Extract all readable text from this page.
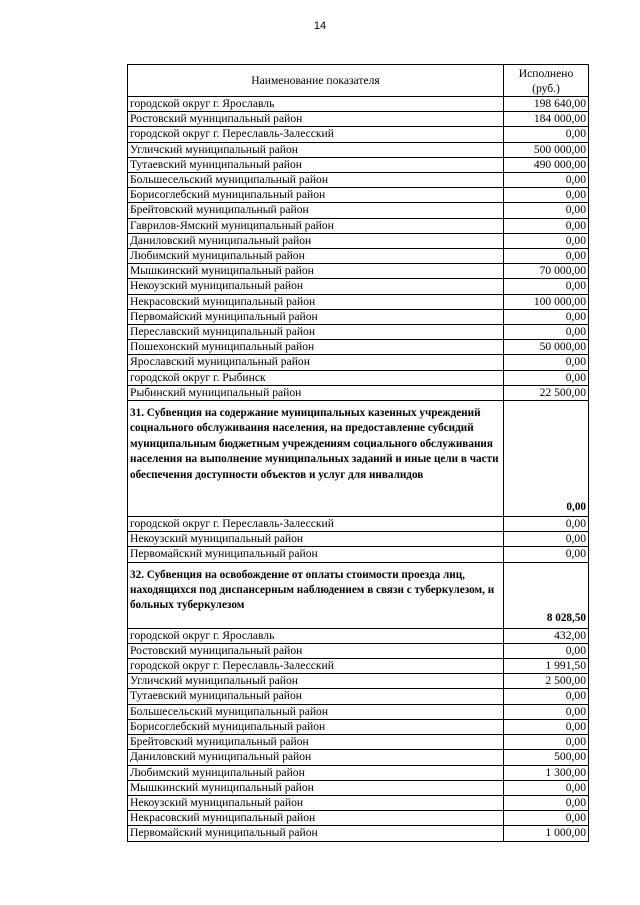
14
Наименование показателя	Исполнено (руб.)
городской округ г. Ярославль	198 640,00
Ростовский муниципальный район	184 000,00
городской округ г. Переславль-Залесский	0,00
Угличский муниципальный район	500 000,00
Тутаевский муниципальный район	490 000,00
Большесельский муниципальный район	0,00
Борисоглебский муниципальный район	0,00
Брейтовский муниципальный район	0,00
Гаврилов-Ямский муниципальный район	0,00
Даниловский муниципальный район	0,00
Любимский муниципальный район	0,00
Мышкинский муниципальный район	70 000,00
Некоузский муниципальный район	0,00
Некрасовский муниципальный район	100 000,00
Первомайский муниципальный район	0,00
Переславский муниципальный район	0,00
Пошехонский муниципальный район	50 000,00
Ярославский муниципальный район	0,00
городской округ г. Рыбинск	0,00
Рыбинский муниципальный район	22 500,00
31. Субвенция на содержание муниципальных казенных учреждений социального обслуживания населения, на предоставление субсидий муниципальным бюджетным учреждениям социального обслуживания населения на выполнение муниципальных заданий и иные цели в части обеспечения доступности объектов и услуг для инвалидов	0,00
городской округ г. Переславль-Залесский	0,00
Некоузский муниципальный район	0,00
Первомайский муниципальный район	0,00
32. Субвенция на освобождение от оплаты стоимости проезда лиц, находящихся под диспансерным наблюдением в связи с туберкулезом, и больных туберкулезом	8 028,50
городской округ г. Ярославль	432,00
Ростовский муниципальный район	0,00
городской округ г. Переславль-Залесский	1 991,50
Угличский муниципальный район	2 500,00
Тутаевский муниципальный район	0,00
Большесельский муниципальный район	0,00
Борисоглебский муниципальный район	0,00
Брейтовский муниципальный район	0,00
Даниловский муниципальный район	500,00
Любимский муниципальный район	1 300,00
Мышкинский муниципальный район	0,00
Некоузский муниципальный район	0,00
Некрасовский муниципальный район	0,00
Первомайский муниципальный район	1 000,00
